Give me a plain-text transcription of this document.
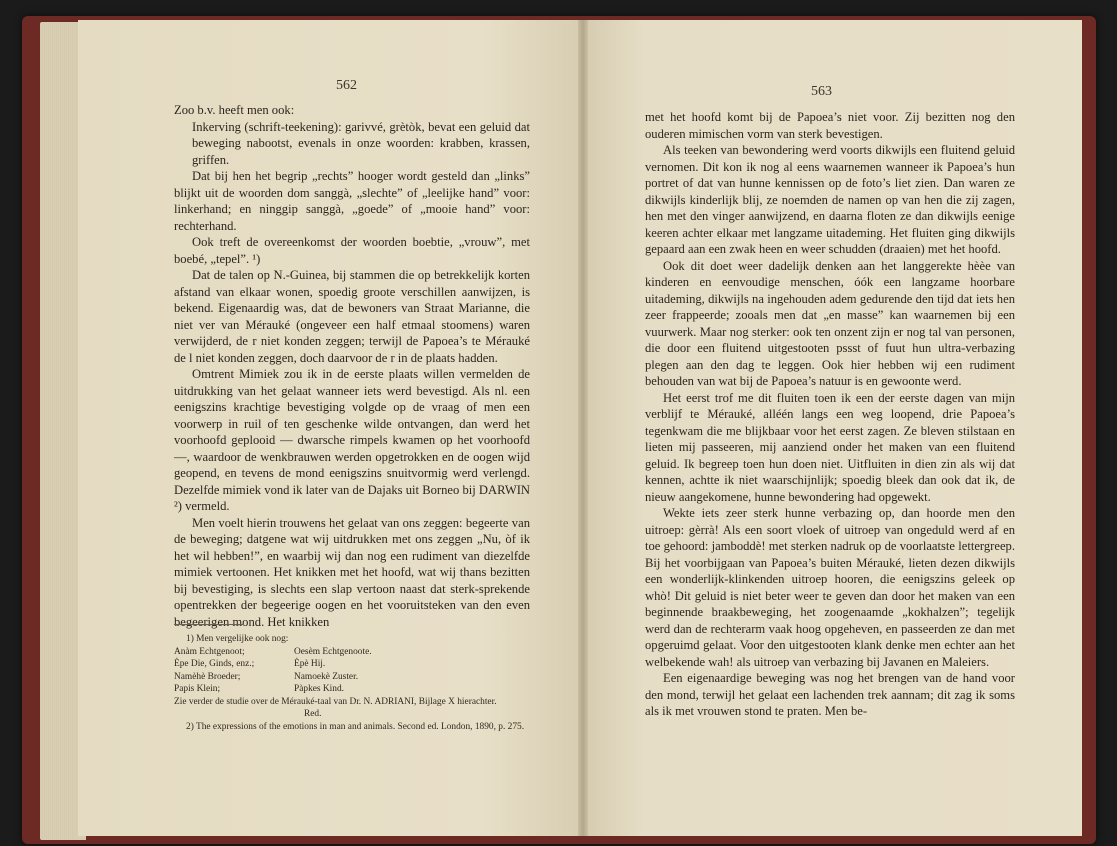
562

Zoo b.v. heeft men ook:

Inkerving (schrift-teekening): garivvé, grètòk, bevat een geluid dat beweging nabootst, evenals in onze woorden: krabben, krassen, griffen.

Dat bij hen het begrip „rechts” hooger wordt gesteld dan „links” blijkt uit de woorden dom sanggà, „slechte” of „leelijke hand” voor: linkerhand; en ninggip sanggà, „goede” of „mooie hand” voor: rechterhand.

Ook treft de overeenkomst der woorden boebtie, „vrouw”, met boebé, „tepel”. ¹)

Dat de talen op N.-Guinea, bij stammen die op betrekkelijk korten afstand van elkaar wonen, spoedig groote verschillen aanwijzen, is bekend. Eigenaardig was, dat de bewoners van Straat Marianne, die niet ver van Mérauké (ongeveer een half etmaal stoomens) waren verwijderd, de r niet konden zeggen; terwijl de Papoea’s te Mérauké de l niet konden zeggen, doch daarvoor de r in de plaats hadden.

Omtrent Mimiek zou ik in de eerste plaats willen vermelden de uitdrukking van het gelaat wanneer iets werd bevestigd. Als nl. een eenigszins krachtige bevestiging volgde op de vraag of men een voorwerp in ruil of ten geschenke wilde ontvangen, dan werd het voorhoofd geplooid — dwarsche rimpels kwamen op het voorhoofd —, waardoor de wenkbrauwen werden opgetrokken en de oogen wijd geopend, en tevens de mond eenigszins snuitvormig werd verlengd. Dezelfde mimiek vond ik later van de Dajaks uit Borneo bij DARWIN ²) vermeld.

Men voelt hierin trouwens het gelaat van ons zeggen: begeerte van de beweging; datgene wat wij uitdrukken met ons zeggen „Nu, òf ik het wil hebben!”, en waarbij wij dan nog een rudiment van diezelfde mimiek vertoonen. Het knikken met het hoofd, wat wij thans bezitten bij bevestiging, is slechts een slap vertoon naast dat sterk-sprekende opentrekken der begeerige oogen en het vooruitsteken van den even begeerigen mond. Het knikken

1) Men vergelijke ook nog:

Anàm Echtgenoot;	Oesèm Echtgenoote.
Èpe Die, Ginds, enz.;	Èpè Hij.
Namèhè Broeder;	Namoekè Zuster.
Papis Klein;	Pàpkes Kind.

Zie verder de studie over de Mérauké-taal van Dr. N. ADRIANI, Bijlage X hierachter.

Red.

2) The expressions of the emotions in man and animals. Second ed. London, 1890, p. 275.

563

met het hoofd komt bij de Papoea’s niet voor. Zij bezitten nog den ouderen mimischen vorm van sterk bevestigen.

Als teeken van bewondering werd voorts dikwijls een fluitend geluid vernomen. Dit kon ik nog al eens waarnemen wanneer ik Papoea’s hun portret of dat van hunne kennissen op de foto’s liet zien. Dan waren ze dikwijls kinderlijk blij, ze noemden de namen op van hen die zij zagen, hen met den vinger aanwijzend, en daarna floten ze dan dikwijls eenige keeren achter elkaar met langzame uitademing. Het fluiten ging dikwijls gepaard aan een zwak heen en weer schudden (draaien) met het hoofd.

Ook dit doet weer dadelijk denken aan het langgerekte hèèe van kinderen en eenvoudige menschen, óók een langzame hoorbare uitademing, dikwijls na ingehouden adem gedurende den tijd dat iets hen zeer frappeerde; zooals men dat „en masse” kan waarnemen bij een vuurwerk. Maar nog sterker: ook ten onzent zijn er nog tal van personen, die door een fluitend uitgestooten pssst of fuut hun ultra-verbazing plegen aan den dag te leggen. Ook hier hebben wij een rudiment behouden van wat bij de Papoea’s natuur is en gewoonte werd.

Het eerst trof me dit fluiten toen ik een der eerste dagen van mijn verblijf te Mérauké, alléén langs een weg loopend, drie Papoea’s tegenkwam die me blijkbaar voor het eerst zagen. Ze bleven stilstaan en lieten mij passeeren, mij aanziend onder het maken van een fluitend geluid. Ik begreep toen hun doen niet. Uitfluiten in dien zin als wij dat kennen, achtte ik niet waarschijnlijk; spoedig bleek dan ook dat ik, de nieuw aangekomene, hunne bewondering had opgewekt.

Wekte iets zeer sterk hunne verbazing op, dan hoorde men den uitroep: gèrrà! Als een soort vloek of uitroep van ongeduld werd af en toe gehoord: jamboddè! met sterken nadruk op de voorlaatste lettergreep. Bij het voorbijgaan van Papoea’s buiten Mérauké, lieten dezen dikwijls een wonderlijk-klinkenden uitroep hooren, die eenigszins geleek op whò! Dit geluid is niet beter weer te geven dan door het maken van een beginnende braakbeweging, het zoogenaamde „kokhalzen”; tegelijk werd dan de rechterarm vaak hoog opgeheven, en passeerden ze dan met opgeruimd gelaat. Voor den uitgestooten klank denke men echter aan het welbekende wah! als uitroep van verbazing bij Javanen en Maleiers.

Een eigenaardige beweging was nog het brengen van de hand voor den mond, terwijl het gelaat een lachenden trek aannam; dit zag ik soms als ik met vrouwen stond te praten. Men be-
